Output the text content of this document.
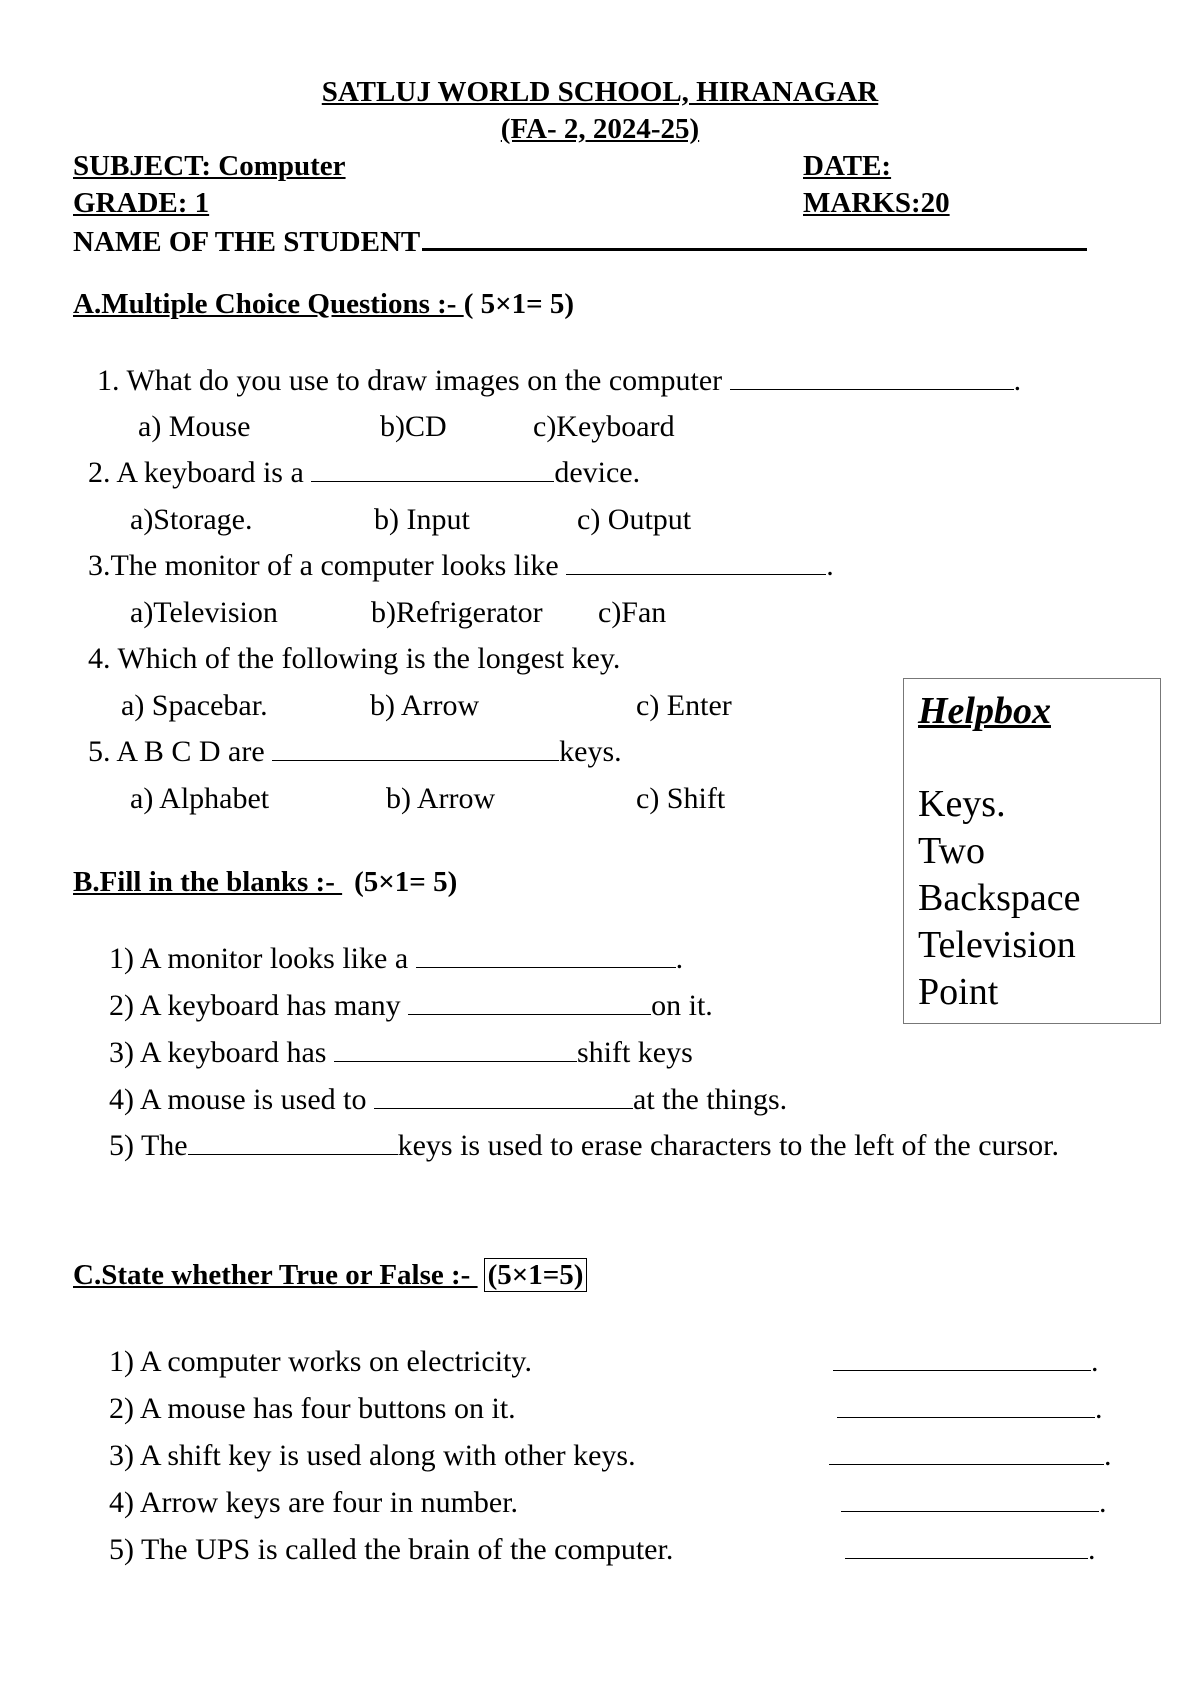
SATLUJ WORLD SCHOOL, HIRANAGAR
(FA- 2, 2024-25)
SUBJECT: Computer	DATE:
GRADE: 1	MARKS:20
NAME OF THE STUDENT
A.Multiple Choice Questions :- ( 5×1= 5)
1. What do you use to draw images on the computer	.
a) Mouse	b)CD	c)Keyboard
2. A keyboard is a	device.
a)Storage.	b) Input	c) Output
3.The monitor of a computer looks like	.
a)Television	b)Refrigerator c)Fan
4. Which of the following is the longest key.
a) Spacebar.	b) Arrow	c) Enter
5. A B C D are	keys.
a) Alphabet	b) Arrow	c) Shift
Helpbox
Keys.
Two
Backspace
Television
Point
B.Fill in the blanks :- (5×1= 5)
1) A monitor looks like a	.
2) A keyboard has many	on it.
3) A keyboard has	shift keys
4) A mouse is used to	at the things.
5) The	keys is used to erase characters to the left of the cursor.
C.State whether True or False :- (5×1=5)
1) A computer works on electricity.	.
2) A mouse has four buttons on it.	.
3) A shift key is used along with other keys.	.
4) Arrow keys are four in number.	.
5) The UPS is called the brain of the computer.	.
